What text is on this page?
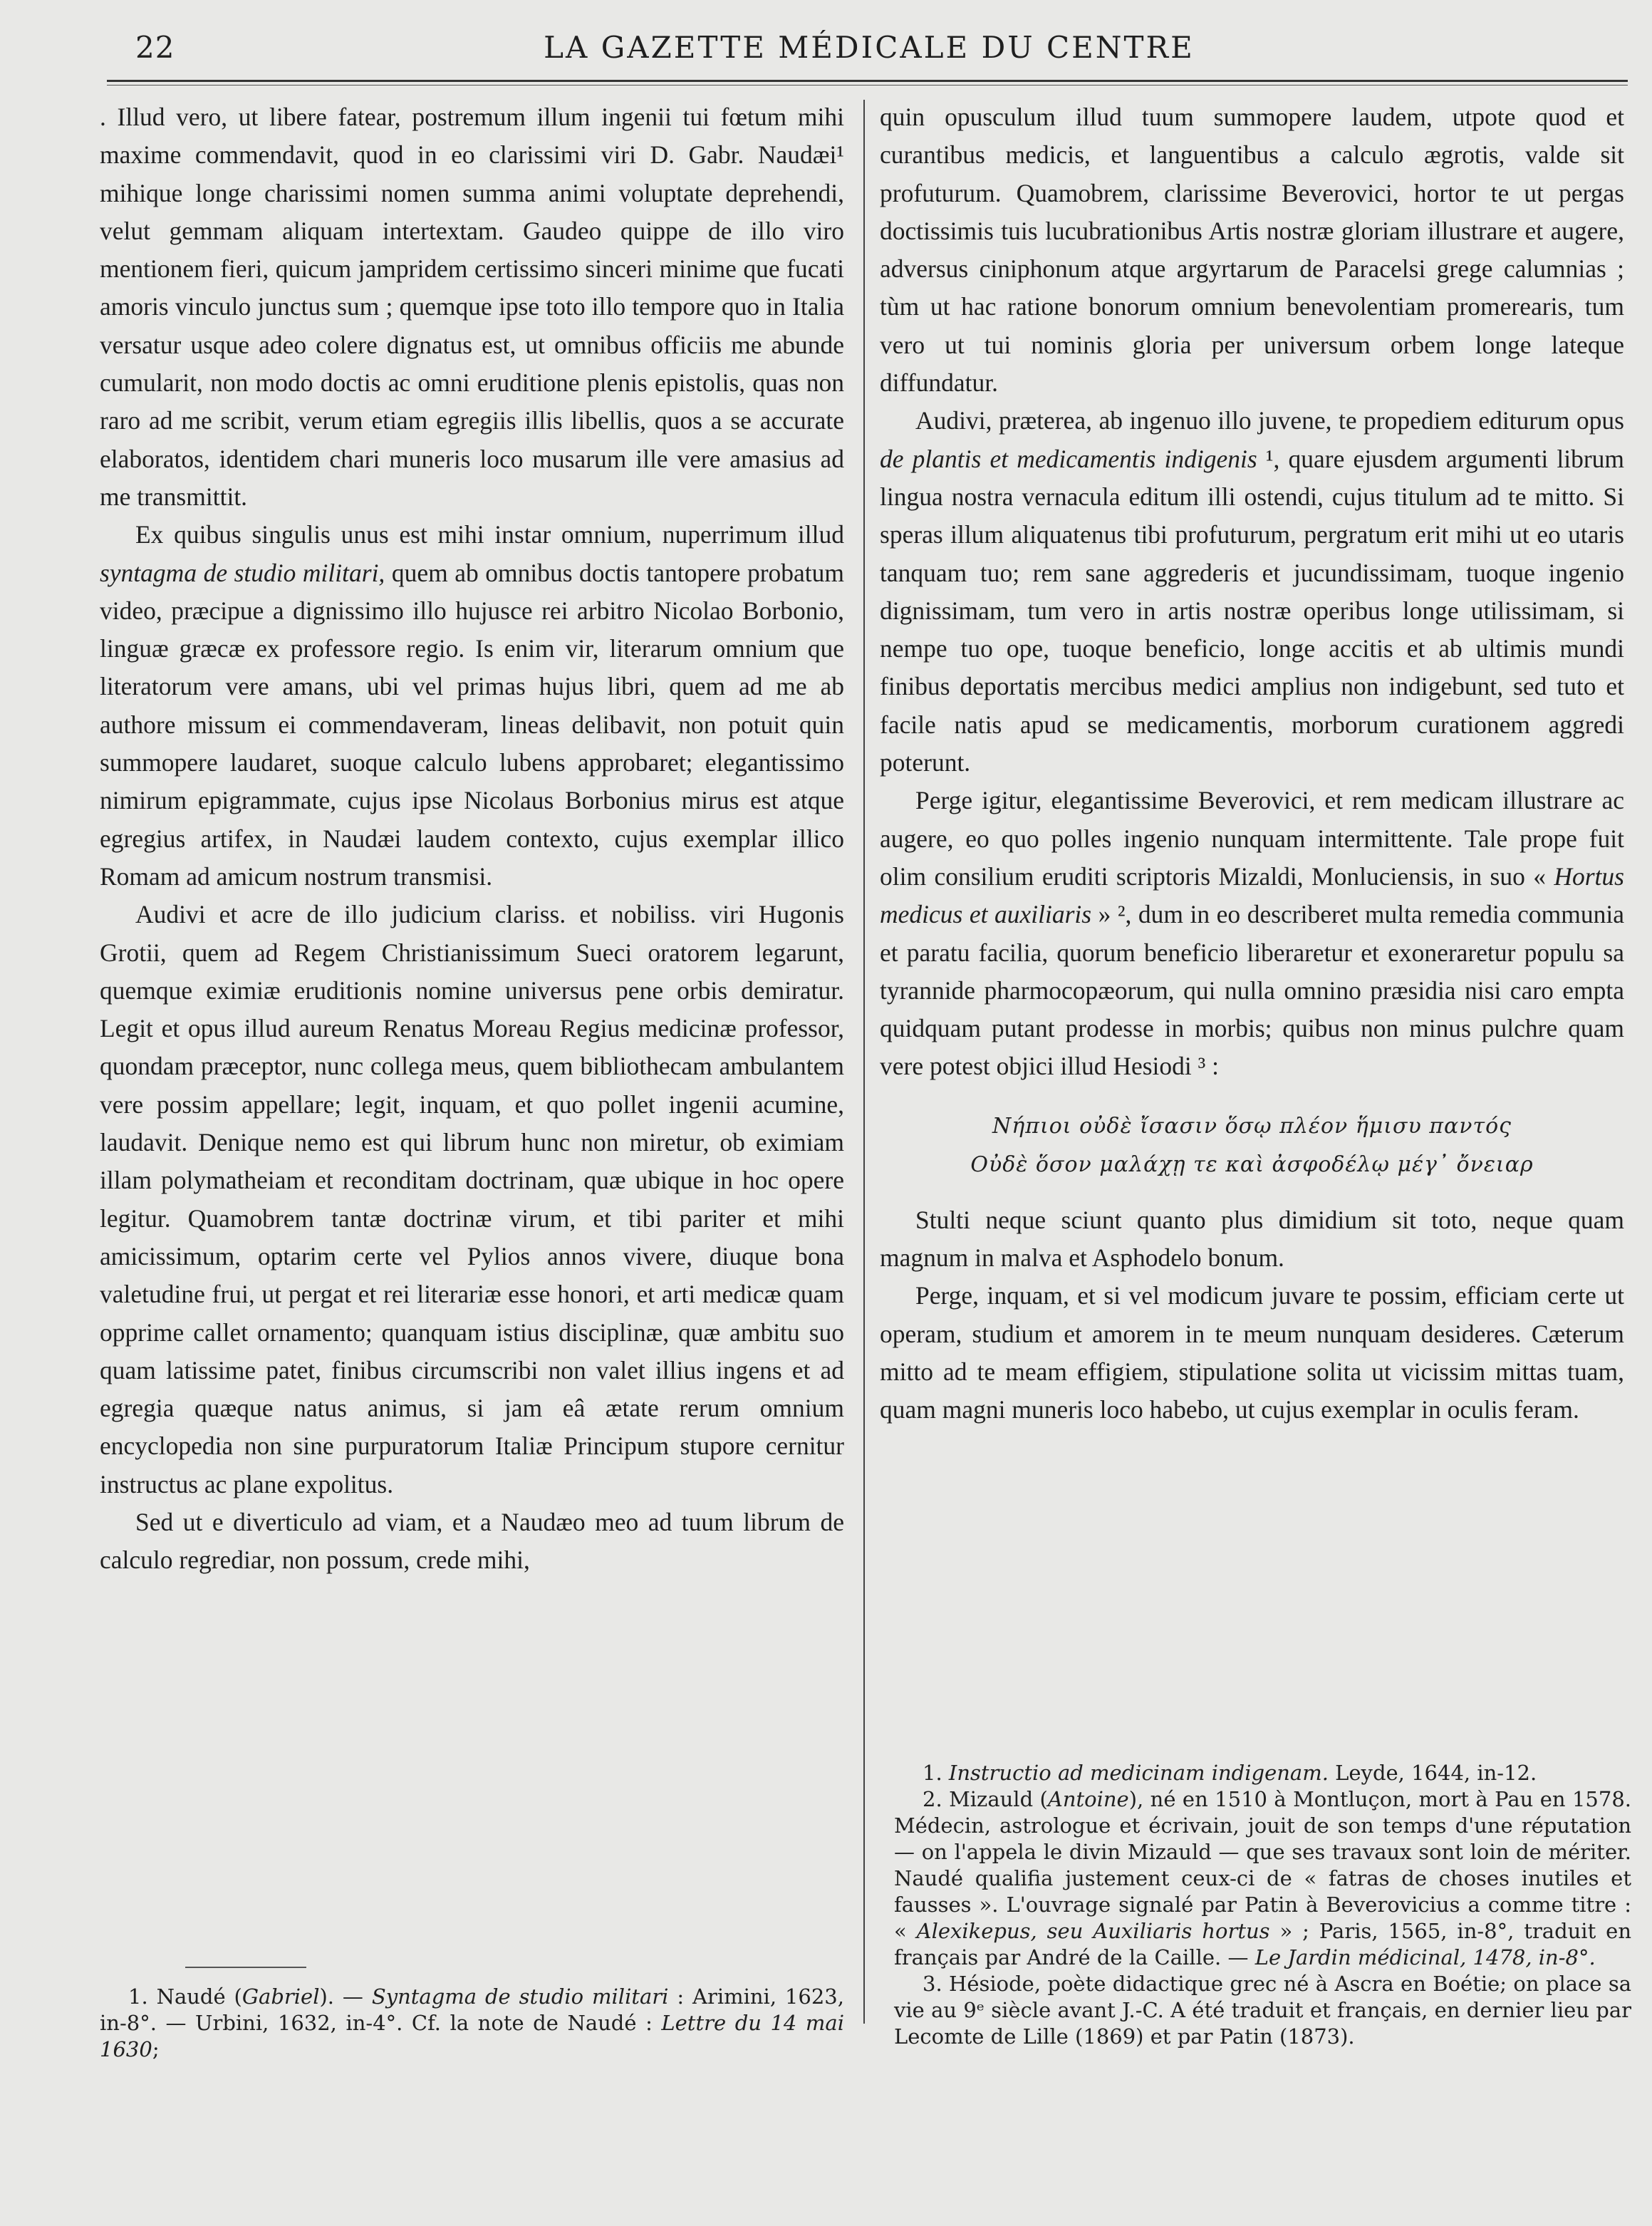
22	LA GAZETTE MÉDICALE DU CENTRE

. Illud vero, ut libere fatear, postremum illum ingenii tui fœtum mihi maxime commendavit, quod in eo clarissimi viri D. Gabr. Naudæi¹ mihique longe charissimi nomen summa animi voluptate deprehendi, velut gemmam aliquam intertextam. Gaudeo quippe de illo viro mentionem fieri, quicum jampridem certissimo sinceri minime que fucati amoris vinculo junctus sum ; quemque ipse toto illo tempore quo in Italia versatur usque adeo colere dignatus est, ut omnibus officiis me abunde cumularit, non modo doctis ac omni eruditione plenis epistolis, quas non raro ad me scribit, verum etiam egregiis illis libellis, quos a se accurate elaboratos, identidem chari muneris loco musarum ille vere amasius ad me transmittit.

Ex quibus singulis unus est mihi instar omnium, nuperrimum illud syntagma de studio militari, quem ab omnibus doctis tantopere probatum video, præcipue a dignissimo illo hujusce rei arbitro Nicolao Borbonio, linguæ græcæ ex professore regio. Is enim vir, literarum omnium que literatorum vere amans, ubi vel primas hujus libri, quem ad me ab authore missum ei commendaveram, lineas delibavit, non potuit quin summopere laudaret, suoque calculo lubens approbaret; elegantissimo nimirum epigrammate, cujus ipse Nicolaus Borbonius mirus est atque egregius artifex, in Naudæi laudem contexto, cujus exemplar illico Romam ad amicum nostrum transmisi.

Audivi et acre de illo judicium clariss. et nobiliss. viri Hugonis Grotii, quem ad Regem Christianissimum Sueci oratorem legarunt, quemque eximiæ eruditionis nomine universus pene orbis demiratur. Legit et opus illud aureum Renatus Moreau Regius medicinæ professor, quondam præceptor, nunc collega meus, quem bibliothecam ambulantem vere possim appellare; legit, inquam, et quo pollet ingenii acumine, laudavit. Denique nemo est qui librum hunc non miretur, ob eximiam illam polymatheiam et reconditam doctrinam, quæ ubique in hoc opere legitur. Quamobrem tantæ doctrinæ virum, et tibi pariter et mihi amicissimum, optarim certe vel Pylios annos vivere, diuque bona valetudine frui, ut pergat et rei literariæ esse honori, et arti medicæ quam opprime callet ornamento; quanquam istius disciplinæ, quæ ambitu suo quam latissime patet, finibus circumscribi non valet illius ingens et ad egregia quæque natus animus, si jam eâ ætate rerum omnium encyclopedia non sine purpuratorum Italiæ Principum stupore cernitur instructus ac plane expolitus.

Sed ut e diverticulo ad viam, et a Naudæo meo ad tuum librum de calculo regrediar, non possum, crede mihi,

1. Naudé (Gabriel). — Syntagma de studio militari : Arimini, 1623, in-8°. — Urbini, 1632, in-4°. Cf. la note de Naudé : Lettre du 14 mai 1630;

quin opusculum illud tuum summopere laudem, utpote quod et curantibus medicis, et languentibus a calculo ægrotis, valde sit profuturum. Quamobrem, clarissime Beverovici, hortor te ut pergas doctissimis tuis lucubrationibus Artis nostræ gloriam illustrare et augere, adversus ciniphonum atque argyrtarum de Paracelsi grege calumnias ; tùm ut hac ratione bonorum omnium benevolentiam promerearis, tum vero ut tui nominis gloria per universum orbem longe lateque diffundatur.

Audivi, præterea, ab ingenuo illo juvene, te propediem editurum opus de plantis et medicamentis indigenis ¹, quare ejusdem argumenti librum lingua nostra vernacula editum illi ostendi, cujus titulum ad te mitto. Si speras illum aliquatenus tibi profuturum, pergratum erit mihi ut eo utaris tanquam tuo; rem sane aggrederis et jucundissimam, tuoque ingenio dignissimam, tum vero in artis nostræ operibus longe utilissimam, si nempe tuo ope, tuoque beneficio, longe accitis et ab ultimis mundi finibus deportatis mercibus medici amplius non indigebunt, sed tuto et facile natis apud se medicamentis, morborum curationem aggredi poterunt.

Perge igitur, elegantissime Beverovici, et rem medicam illustrare ac augere, eo quo polles ingenio nunquam intermittente. Tale prope fuit olim consilium eruditi scriptoris Mizaldi, Monluciensis, in suo « Hortus medicus et auxiliaris » ², dum in eo describeret multa remedia communia et paratu facilia, quorum beneficio liberaretur et exoneraretur populu sa tyrannide pharmocopæorum, qui nulla omnino præsidia nisi caro empta quidquam putant prodesse in morbis; quibus non minus pulchre quam vere potest objici illud Hesiodi ³ :

Νήπιοι οὐδὲ ἴσασιν ὅσῳ πλέον ἥμισυ παντός
Οὐδὲ ὅσον μαλάχῃ τε καὶ ἀσφοδέλῳ μέγ᾽ ὄνειαρ

Stulti neque sciunt quanto plus dimidium sit toto, neque quam magnum in malva et Asphodelo bonum.

Perge, inquam, et si vel modicum juvare te possim, efficiam certe ut operam, studium et amorem in te meum nunquam desideres. Cæterum mitto ad te meam effigiem, stipulatione solita ut vicissim mittas tuam, quam magni muneris loco habebo, ut cujus exemplar in oculis feram.

1. Instructio ad medicinam indigenam. Leyde, 1644, in-12.

2. Mizauld (Antoine), né en 1510 à Montluçon, mort à Pau en 1578. Médecin, astrologue et écrivain, jouit de son temps d'une réputation — on l'appela le divin Mizauld — que ses travaux sont loin de mériter. Naudé qualifia justement ceux-ci de « fatras de choses inutiles et fausses ». L'ouvrage signalé par Patin à Beverovicius a comme titre : « Alexikepus, seu Auxiliaris hortus » ; Paris, 1565, in-8°, traduit en français par André de la Caille. — Le Jardin médicinal, 1478, in-8°.

3. Hésiode, poète didactique grec né à Ascra en Boétie; on place sa vie au 9ᵉ siècle avant J.-C. A été traduit et français, en dernier lieu par Lecomte de Lille (1869) et par Patin (1873).
